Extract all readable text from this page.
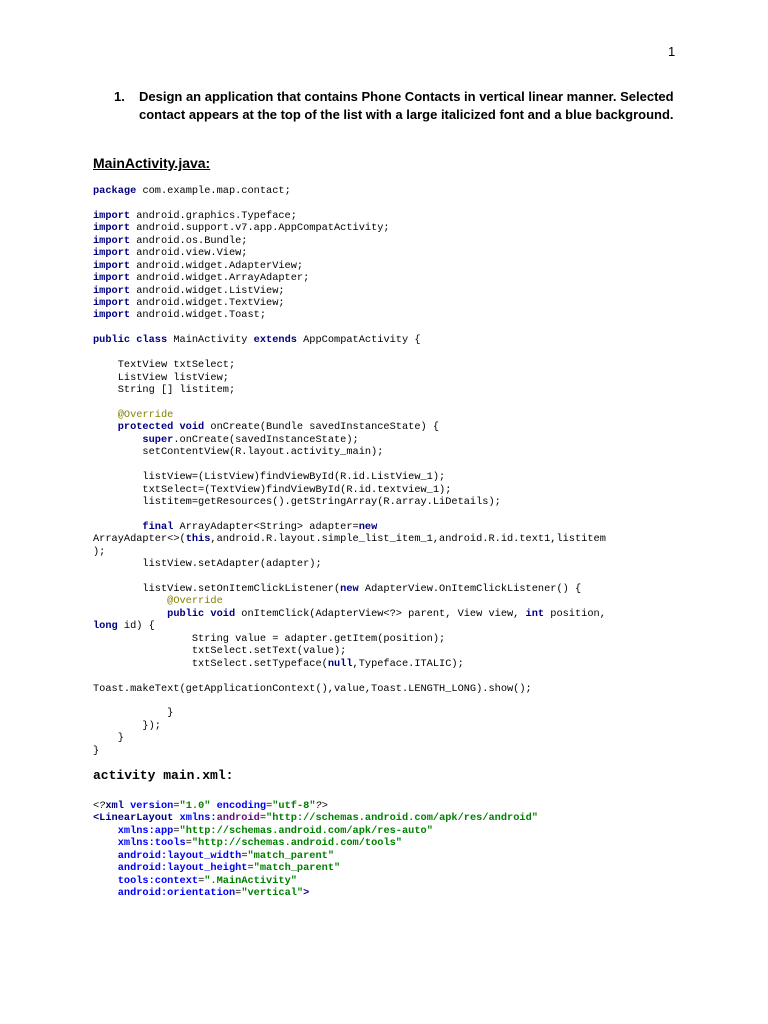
1
1.	Design an application that contains Phone Contacts in vertical linear manner. Selected contact appears at the top of the list with a large italicized font and a blue background.
MainActivity.java:
package com.example.map.contact;
import android.graphics.Typeface;
import android.support.v7.app.AppCompatActivity;
import android.os.Bundle;
import android.view.View;
import android.widget.AdapterView;
import android.widget.ArrayAdapter;
import android.widget.ListView;
import android.widget.TextView;
import android.widget.Toast;
public class MainActivity extends AppCompatActivity {
TextView txtSelect;
ListView listView;
String [] listitem;
@Override
protected void onCreate(Bundle savedInstanceState) {
super.onCreate(savedInstanceState);
setContentView(R.layout.activity_main);
listView=(ListView)findViewById(R.id.ListView_1);
txtSelect=(TextView)findViewById(R.id.textview_1);
listitem=getResources().getStringArray(R.array.LiDetails);
final ArrayAdapter<String> adapter=new
ArrayAdapter<>(this,android.R.layout.simple_list_item_1,android.R.id.text1,listitem
);
listView.setAdapter(adapter);
listView.setOnItemClickListener(new AdapterView.OnItemClickListener() {
@Override
public void onItemClick(AdapterView<?> parent, View view, int position,
long id) {
String value = adapter.getItem(position);
txtSelect.setText(value);
txtSelect.setTypeface(null,Typeface.ITALIC);
Toast.makeText(getApplicationContext(),value,Toast.LENGTH_LONG).show();
}
});
}
}
activity main.xml:
<?xml version="1.0" encoding="utf-8"?>
<LinearLayout xmlns:android="http://schemas.android.com/apk/res/android"
xmlns:app="http://schemas.android.com/apk/res-auto"
xmlns:tools="http://schemas.android.com/tools"
android:layout_width="match_parent"
android:layout_height="match_parent"
tools:context=".MainActivity"
android:orientation="vertical">
